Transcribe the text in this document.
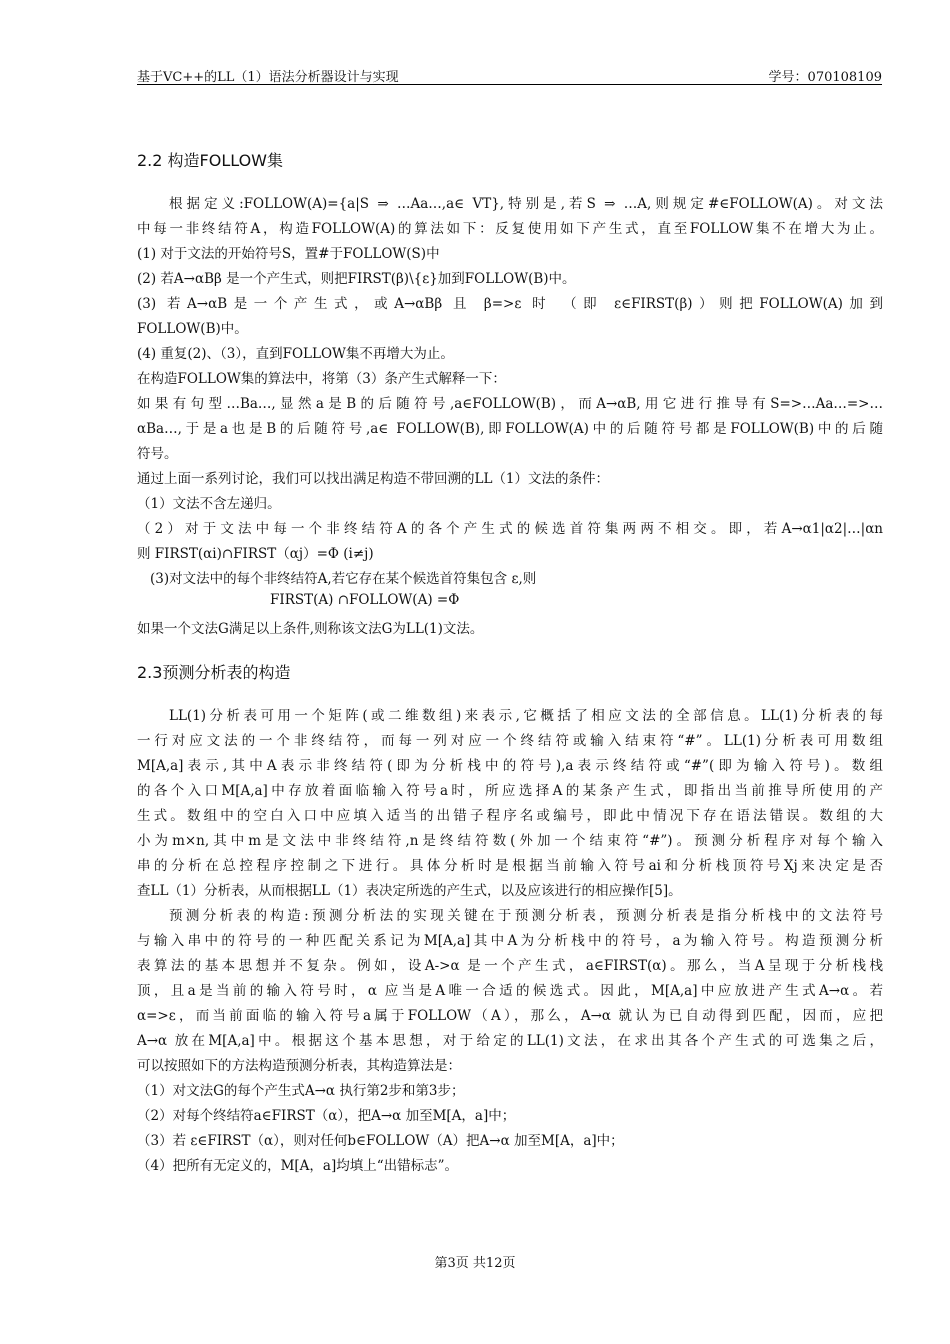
基于VC++的LL（1）语法分析器设计与实现	学号：070108109
2.2 构造FOLLOW集
根据定义:FOLLOW(A)={a|S ⇒ …Aa…,a∈ VT},特别是,若S ⇒ …A,则规定#∈FOLLOW(A)。对文法
中每一非终结符A，构造FOLLOW(A)的算法如下：反复使用如下产生式，直至FOLLOW集不在增大为止。
(1) 对于文法的开始符号S，置#于FOLLOW(S)中
(2) 若A→αBβ 是一个产生式，则把FIRST(β)\{ε}加到FOLLOW(B)中。
(3) 若A→αB是一个产生式，或A→αBβ 且 β=>ε 时 （即 ε∈FIRST(β)）则把FOLLOW(A)加到
FOLLOW(B)中。
(4) 重复(2)、（3），直到FOLLOW集不再增大为止。
在构造FOLLOW集的算法中，将第（3）条产生式解释一下：
如果有句型…Ba…,显然a是B的后随符号,a∈FOLLOW(B)，而A→αB,用它进行推导有S=>…Aa…=>…
αBa…,于是a也是B的后随符号,a∈ FOLLOW(B),即FOLLOW(A)中的后随符号都是FOLLOW(B)中的后随
符号。
通过上面一系列讨论，我们可以找出满足构造不带回溯的LL（1）文法的条件：
（1）文法不含左递归。
（2）对于文法中每一个非终结符A的各个产生式的候选首符集两两不相交。即，若A→α1|α2|…|αn
则 FIRST(αi)∩FIRST（αj）=Φ (i≠j)
(3)对文法中的每个非终结符A,若它存在某个候选首符集包含 ε,则
FIRST(A) ∩FOLLOW(A) =Φ
如果一个文法G满足以上条件,则称该文法G为LL(1)文法。
2.3预测分析表的构造
LL(1)分析表可用一个矩阵(或二维数组)来表示,它概括了相应文法的全部信息。LL(1)分析表的每
一行对应文法的一个非终结符，而每一列对应一个终结符或输入结束符“#”。LL(1)分析表可用数组
M[A,a]表示,其中A表示非终结符(即为分析栈中的符号),a表示终结符或“#”(即为输入符号)。数组
的各个入口M[A,a]中存放着面临输入符号a时，所应选择A的某条产生式，即指出当前推导所使用的产
生式。数组中的空白入口中应填入适当的出错子程序名或编号，即此中情况下存在语法错误。数组的大
小为m×n,其中m是文法中非终结符,n是终结符数(外加一个结束符“#”)。预测分析程序对每个输入
串的分析在总控程序控制之下进行。具体分析时是根据当前输入符号ai和分析栈顶符号Xj来决定是否
查LL（1）分析表，从而根据LL（1）表决定所选的产生式，以及应该进行的相应操作[5]。
预测分析表的构造:预测分析法的实现关键在于预测分析表，预测分析表是指分析栈中的文法符号
与输入串中的符号的一种匹配关系记为M[A,a]其中A为分析栈中的符号，a为输入符号。构造预测分析
表算法的基本思想并不复杂。例如，设A->α 是一个产生式，a∈FIRST(α)。那么，当A呈现于分析栈栈
顶，且a是当前的输入符号时，α 应当是A唯一合适的候选式。因此，M[A,a]中应放进产生式A→α。若
α=>ε，而当前面临的输入符号a属于FOLLOW（A），那么，A→α 就认为已自动得到匹配，因而，应把
A→α 放在M[A,a]中。根据这个基本思想，对于给定的LL(1)文法，在求出其各个产生式的可选集之后，
可以按照如下的方法构造预测分析表，其构造算法是：
（1）对文法G的每个产生式A→α 执行第2步和第3步；
（2）对每个终结符a∈FIRST（α），把A→α 加至M[A，a]中；
（3）若 ε∈FIRST（α），则对任何b∈FOLLOW（A）把A→α 加至M[A，a]中；
（4）把所有无定义的，M[A，a]均填上“出错标志”。
第3页 共12页
